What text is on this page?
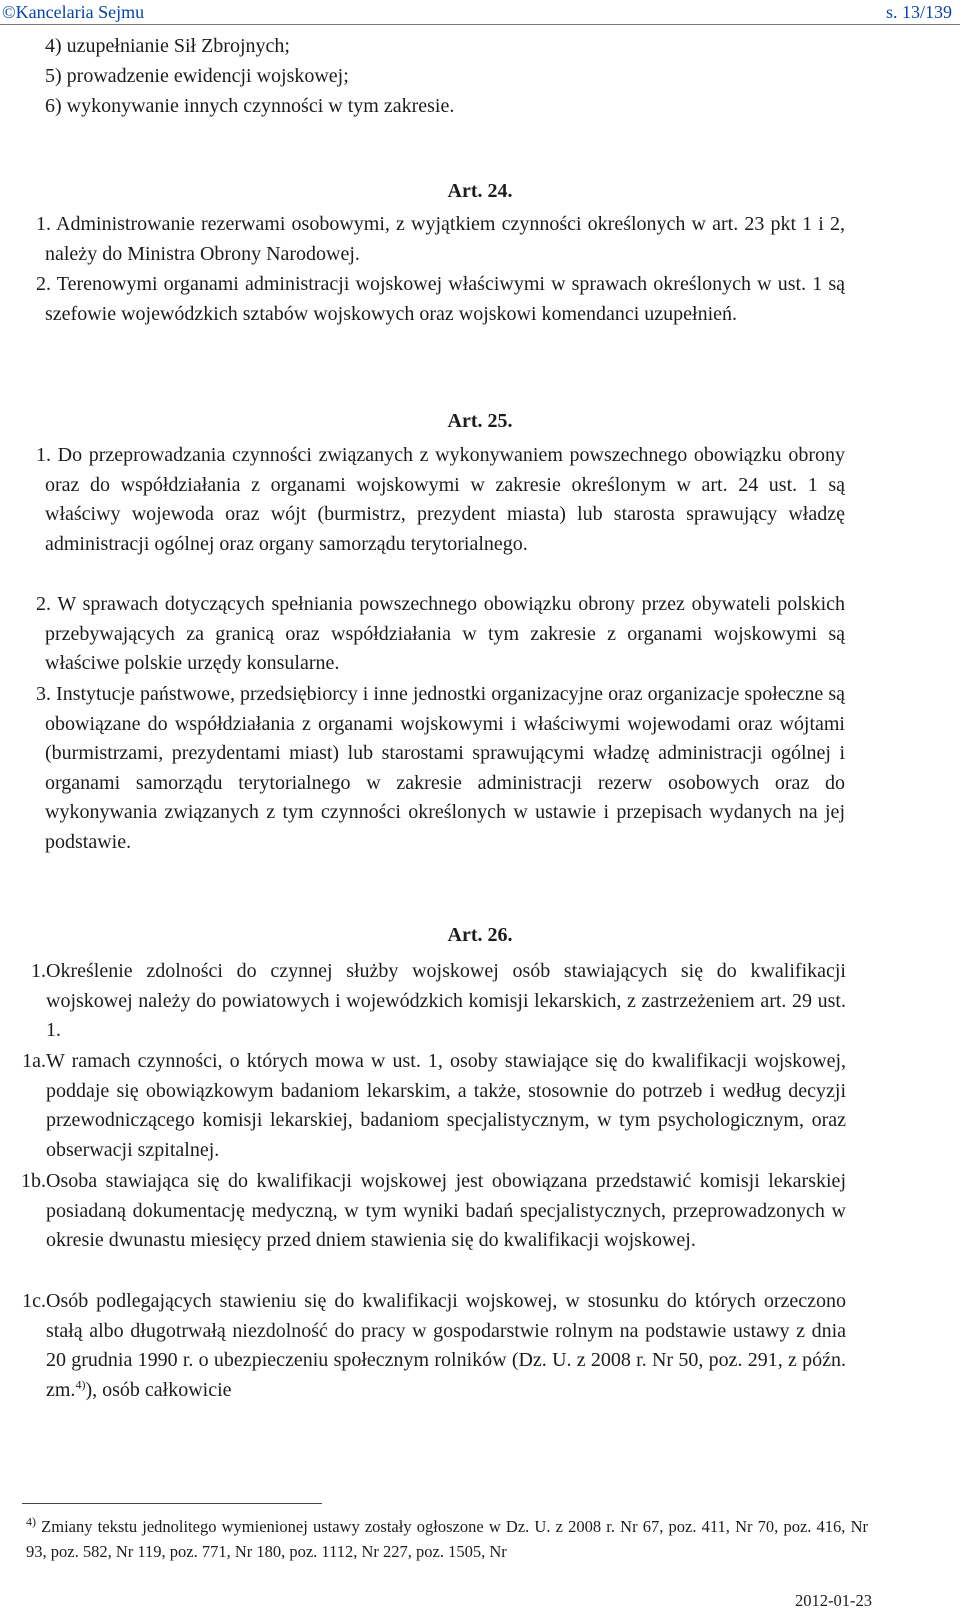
©Kancelaria Sejmu	s. 13/139

4) uzupełnianie Sił Zbrojnych;

5) prowadzenie ewidencji wojskowej;

6) wykonywanie innych czynności w tym zakresie.

Art. 24.

1. Administrowanie rezerwami osobowymi, z wyjątkiem czynności określonych w art. 23 pkt 1 i 2, należy do Ministra Obrony Narodowej.

2. Terenowymi organami administracji wojskowej właściwymi w sprawach określonych w ust. 1 są szefowie wojewódzkich sztabów wojskowych oraz wojskowi komendanci uzupełnień.

Art. 25.

1. Do przeprowadzania czynności związanych z wykonywaniem powszechnego obowiązku obrony oraz do współdziałania z organami wojskowymi w zakresie określonym w art. 24 ust. 1 są właściwy wojewoda oraz wójt (burmistrz, prezydent miasta) lub starosta sprawujący władzę administracji ogólnej oraz organy samorządu terytorialnego.

2. W sprawach dotyczących spełniania powszechnego obowiązku obrony przez obywateli polskich przebywających za granicą oraz współdziałania w tym zakresie z organami wojskowymi są właściwe polskie urzędy konsularne.

3. Instytucje państwowe, przedsiębiorcy i inne jednostki organizacyjne oraz organizacje społeczne są obowiązane do współdziałania z organami wojskowymi i właściwymi wojewodami oraz wójtami (burmistrzami, prezydentami miast) lub starostami sprawującymi władzę administracji ogólnej i organami samorządu terytorialnego w zakresie administracji rezerw osobowych oraz do wykonywania związanych z tym czynności określonych w ustawie i przepisach wydanych na jej podstawie.

Art. 26.

1. Określenie zdolności do czynnej służby wojskowej osób stawiających się do kwalifikacji wojskowej należy do powiatowych i wojewódzkich komisji lekarskich, z zastrzeżeniem art. 29 ust. 1.

1a. W ramach czynności, o których mowa w ust. 1, osoby stawiające się do kwalifikacji wojskowej, poddaje się obowiązkowym badaniom lekarskim, a także, stosownie do potrzeb i według decyzji przewodniczącego komisji lekarskiej, badaniom specjalistycznym, w tym psychologicznym, oraz obserwacji szpitalnej.

1b. Osoba stawiająca się do kwalifikacji wojskowej jest obowiązana przedstawić komisji lekarskiej posiadaną dokumentację medyczną, w tym wyniki badań specjalistycznych, przeprowadzonych w okresie dwunastu miesięcy przed dniem stawienia się do kwalifikacji wojskowej.

1c. Osób podlegających stawieniu się do kwalifikacji wojskowej, w stosunku do których orzeczono stałą albo długotrwałą niezdolność do pracy w gospodarstwie rolnym na podstawie ustawy z dnia 20 grudnia 1990 r. o ubezpieczeniu społecznym rolników (Dz. U. z 2008 r. Nr 50, poz. 291, z późn. zm.$^{4)}$), osób całkowicie

$^{4)}$ Zmiany tekstu jednolitego wymienionej ustawy zostały ogłoszone w Dz. U. z 2008 r. Nr 67, poz. 411, Nr 70, poz. 416, Nr 93, poz. 582, Nr 119, poz. 771, Nr 180, poz. 1112, Nr 227, poz. 1505, Nr

2012-01-23
